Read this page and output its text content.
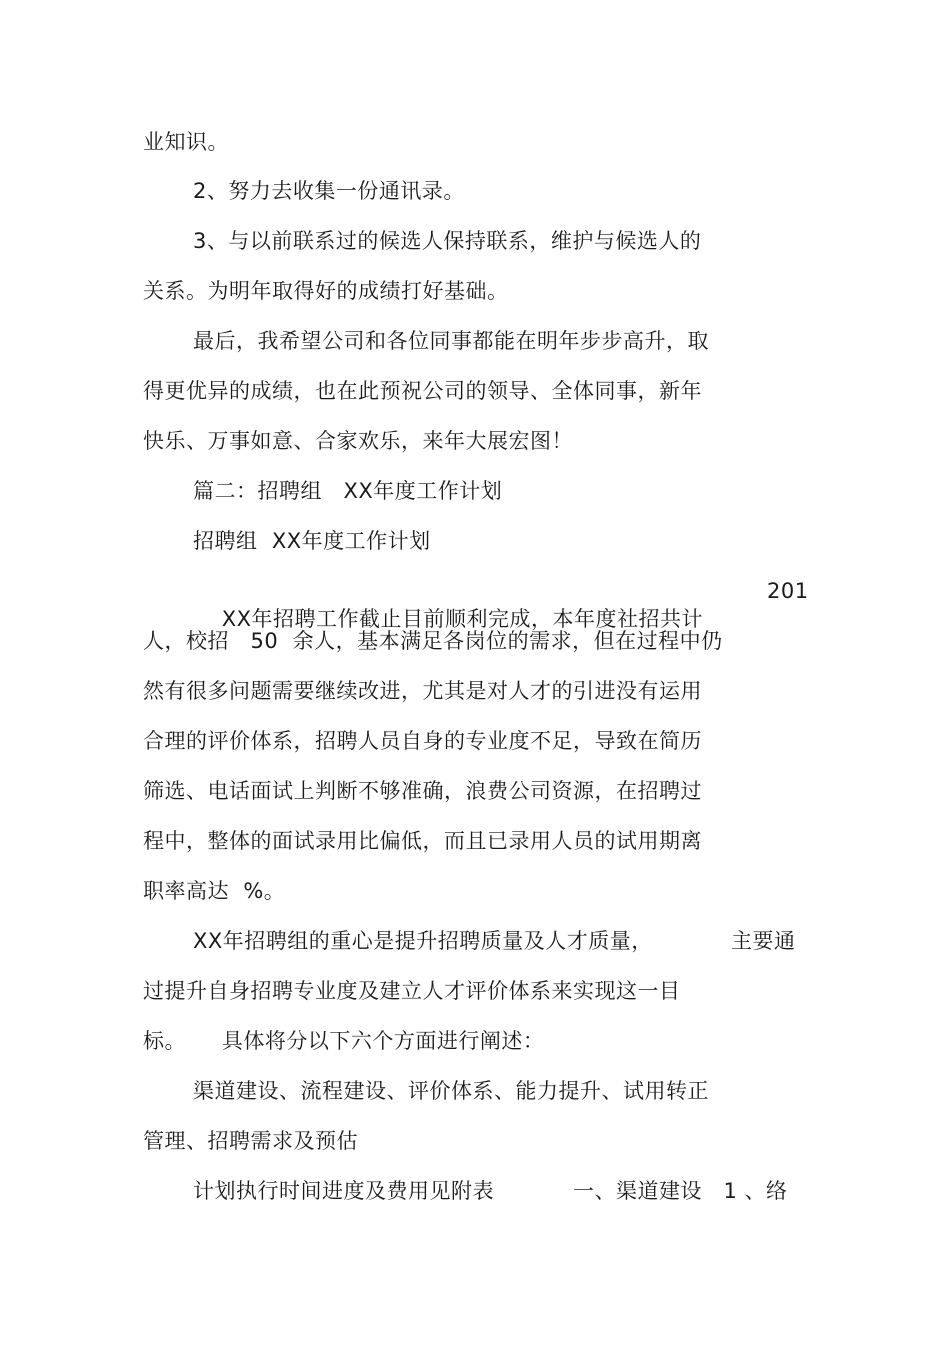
业知识。
2、努力去收集一份通讯录。
3、与以前联系过的候选人保持联系，维护与候选人的
关系。为明年取得好的成绩打好基础。
最后，我希望公司和各位同事都能在明年步步高升，取
得更优异的成绩，也在此预祝公司的领导、全体同事，新年
快乐、万事如意、合家欢乐，来年大展宏图！
篇二：招聘组   XX年度工作计划
招聘组  XX年度工作计划

XX年招聘工作截止目前顺利完成，本年度社招共计

201
人，校招   50  余人，基本满足各岗位的需求，但在过程中仍
然有很多问题需要继续改进，尤其是对人才的引进没有运用
合理的评价体系，招聘人员自身的专业度不足，导致在简历
筛选、电话面试上判断不够准确，浪费公司资源，在招聘过
程中，整体的面试录用比偏低，而且已录用人员的试用期离
职率高达  %。
XX年招聘组的重心是提升招聘质量及人才质量，	主要通
过提升自身招聘专业度及建立人才评价体系来实现这一目
标。     具体将分以下六个方面进行阐述：
渠道建设、流程建设、评价体系、能力提升、试用转正
管理、招聘需求及预估
计划执行时间进度及费用见附表	一、渠道建设   1 、络
